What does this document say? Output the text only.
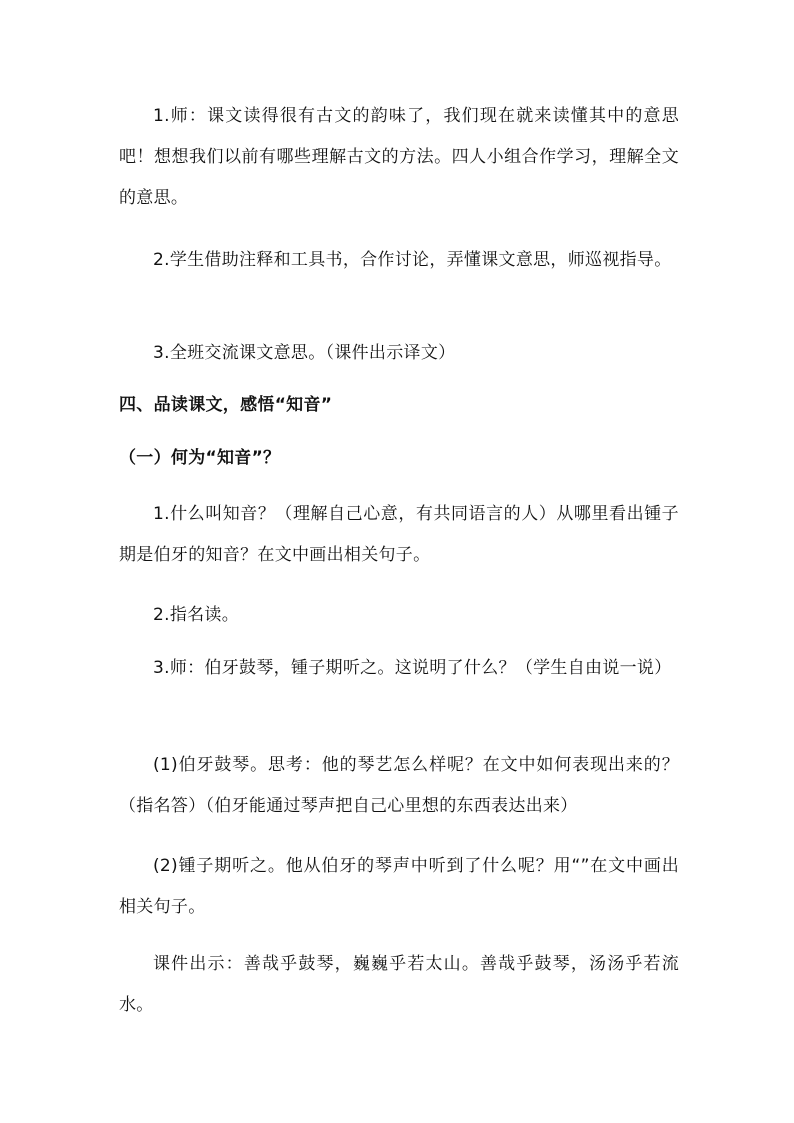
1.师：课文读得很有古文的韵味了，我们现在就来读懂其中的意思吧！想想我们以前有哪些理解古文的方法。四人小组合作学习，理解全文的意思。

2.学生借助注释和工具书，合作讨论，弄懂课文意思，师巡视指导。

3.全班交流课文意思。（课件出示译文）

四、品读课文，感悟“知音”

（一）何为“知音”？

1.什么叫知音？（理解自己心意，有共同语言的人）从哪里看出锺子期是伯牙的知音？在文中画出相关句子。

2.指名读。

3.师：伯牙鼓琴，锺子期听之。这说明了什么？（学生自由说一说）

(1)伯牙鼓琴。思考：他的琴艺怎么样呢？在文中如何表现出来的？（指名答）（伯牙能通过琴声把自己心里想的东西表达出来）

(2)锺子期听之。他从伯牙的琴声中听到了什么呢？用“”在文中画出相关句子。

课件出示：善哉乎鼓琴，巍巍乎若太山。善哉乎鼓琴，汤汤乎若流水。
